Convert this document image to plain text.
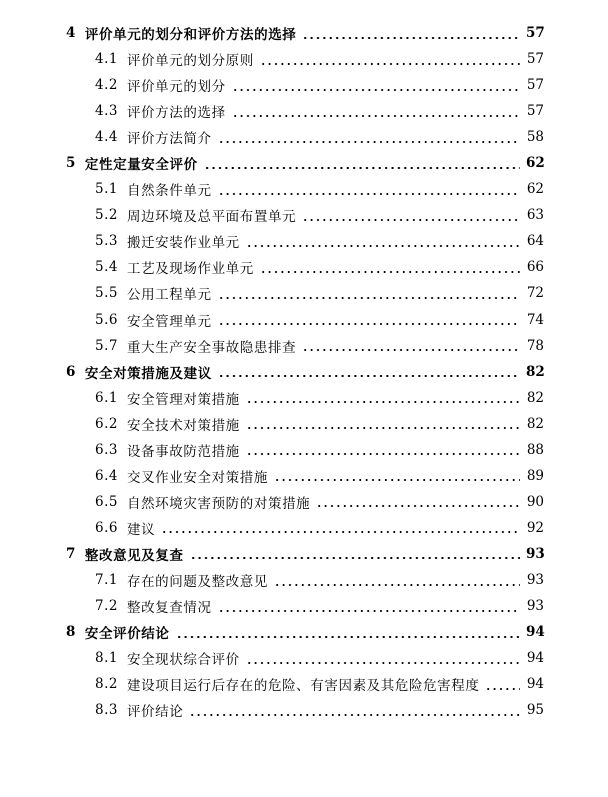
4 评价单元的划分和评价方法的选择	57
4.1 评价单元的划分原则	57
4.2 评价单元的划分	57
4.3 评价方法的选择	57
4.4 评价方法简介	58
5 定性定量安全评价	62
5.1 自然条件单元	62
5.2 周边环境及总平面布置单元	63
5.3 搬迁安装作业单元	64
5.4 工艺及现场作业单元	66
5.5 公用工程单元	72
5.6 安全管理单元	74
5.7 重大生产安全事故隐患排查	78
6 安全对策措施及建议	82
6.1 安全管理对策措施	82
6.2 安全技术对策措施	82
6.3 设备事故防范措施	88
6.4 交叉作业安全对策措施	89
6.5 自然环境灾害预防的对策措施	90
6.6 建议	92
7 整改意见及复查	93
7.1 存在的问题及整改意见	93
7.2 整改复查情况	93
8 安全评价结论	94
8.1 安全现状综合评价	94
8.2 建设项目运行后存在的危险、有害因素及其危险危害程度	94
8.3 评价结论	95
